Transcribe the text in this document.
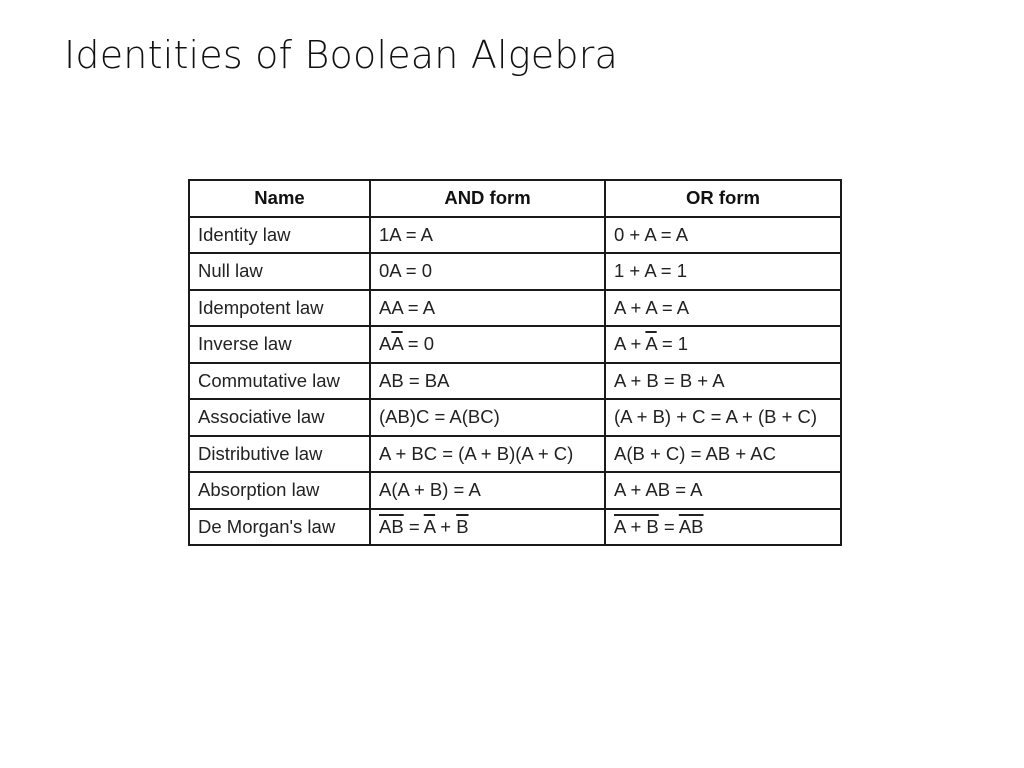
Identities of Boolean Algebra
Name	AND form	OR form
Identity law	1A = A	0 + A = A
Null law	0A = 0	1 + A = 1
Idempotent law	AA = A	A + A = A
Inverse law	$A\overline{A} = 0$	$A + \overline{A} = 1$
Commutative law	AB = BA	A + B = B + A
Associative law	(AB)C = A(BC)	(A + B) + C = A + (B + C)
Distributive law	A + BC = (A + B)(A + C)	A(B + C) = AB + AC
Absorption law	A(A + B) = A	A + AB = A
De Morgan's law	$\overline{AB} = \overline{A} + \overline{B}$	$A + B = \overline{AB}$
